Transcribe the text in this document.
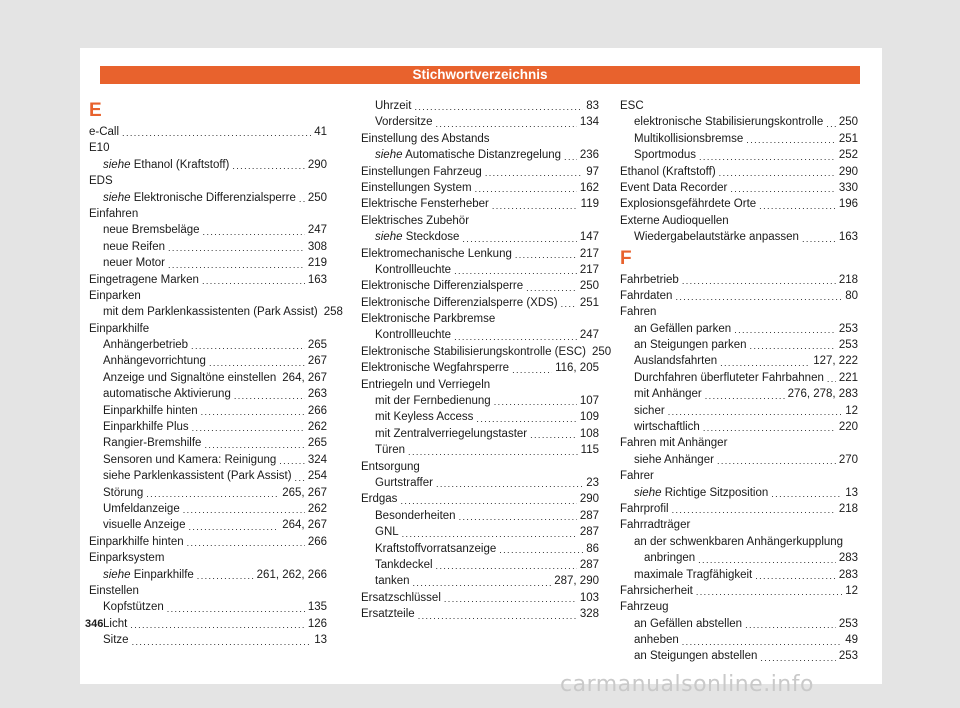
Stichwortverzeichnis
E
e-Call .....	41
E10
siehe Ethanol (Kraftstoff) .....	290
EDS
siehe Elektronische Differenzialsperre ..... 250
Einfahren
neue Bremsbeläge .....	247
neue Reifen .....	308
neuer Motor .....	219
Eingetragene Marken .....	163
Einparken
mit dem Parklenkassistenten (Park Assist) 258
Einparkhilfe
Anhängerbetrieb .....	265
Anhängevorrichtung .....	267
Anzeige und Signaltöne einstellen 264, 267
automatische Aktivierung .....	263
Einparkhilfe hinten .....	266
Einparkhilfe Plus .....	262
Rangier-Bremshilfe .....	265
Sensoren und Kamera: Reinigung .....	324
siehe Parklenkassistent (Park Assist) ..... 254
Störung .....	265, 267
Umfeldanzeige .....	262
visuelle Anzeige .....	264, 267
Einparkhilfe hinten .....	266
Einparksystem
siehe Einparkhilfe .....	261, 262, 266
Einstellen
Kopfstützen .....	135
Licht .....	126
Sitze .....	13
Uhrzeit .....	83
Vordersitze .....	134
Einstellung des Abstands
siehe Automatische Distanzregelung ..... 236
Einstellungen Fahrzeug .....	97
Einstellungen System .....	162
Elektrische Fensterheber .....	119
Elektrisches Zubehör
siehe Steckdose .....	147
Elektromechanische Lenkung .....	217
Kontrollleuchte .....	217
Elektronische Differenzialsperre .....	250
Elektronische Differenzialsperre (XDS) ..... 251
Elektronische Parkbremse
Kontrollleuchte .....	247
Elektronische Stabilisierungskontrolle (ESC) 250
Elektronische Wegfahrsperre .....	116, 205
Entriegeln und Verriegeln
mit der Fernbedienung .....	107
mit Keyless Access .....	109
mit Zentralverriegelungstaster .....	108
Türen .....	115
Entsorgung
Gurtstraffer .....	23
Erdgas .....	290
Besonderheiten .....	287
GNL .....	287
Kraftstoffvorratsanzeige .....	86
Tankdeckel .....	287
tanken .....	287, 290
Ersatzschlüssel .....	103
Ersatzteile .....	328
ESC
elektronische Stabilisierungskontrolle ..... 250
Multikollisionsbremse .....	251
Sportmodus .....	252
Ethanol (Kraftstoff) .....	290
Event Data Recorder .....	330
Explosionsgefährdete Orte .....	196
Externe Audioquellen
Wiedergabelautstärke anpassen .....	163
F
Fahrbetrieb .....	218
Fahrdaten .....	80
Fahren
an Gefällen parken .....	253
an Steigungen parken .....	253
Auslandsfahrten .....	127, 222
Durchfahren überfluteter Fahrbahnen ..... 221
mit Anhänger .....	276, 278, 283
sicher .....	12
wirtschaftlich .....	220
Fahren mit Anhänger
siehe Anhänger .....	270
Fahrer
siehe Richtige Sitzposition .....	13
Fahrprofil .....	218
Fahrradträger
an der schwenkbaren Anhängerkupplung
anbringen .....	283
maximale Tragfähigkeit .....	283
Fahrsicherheit .....	12
Fahrzeug
an Gefällen abstellen .....	253
anheben .....	49
an Steigungen abstellen .....	253
346
carmanualsonline.info
